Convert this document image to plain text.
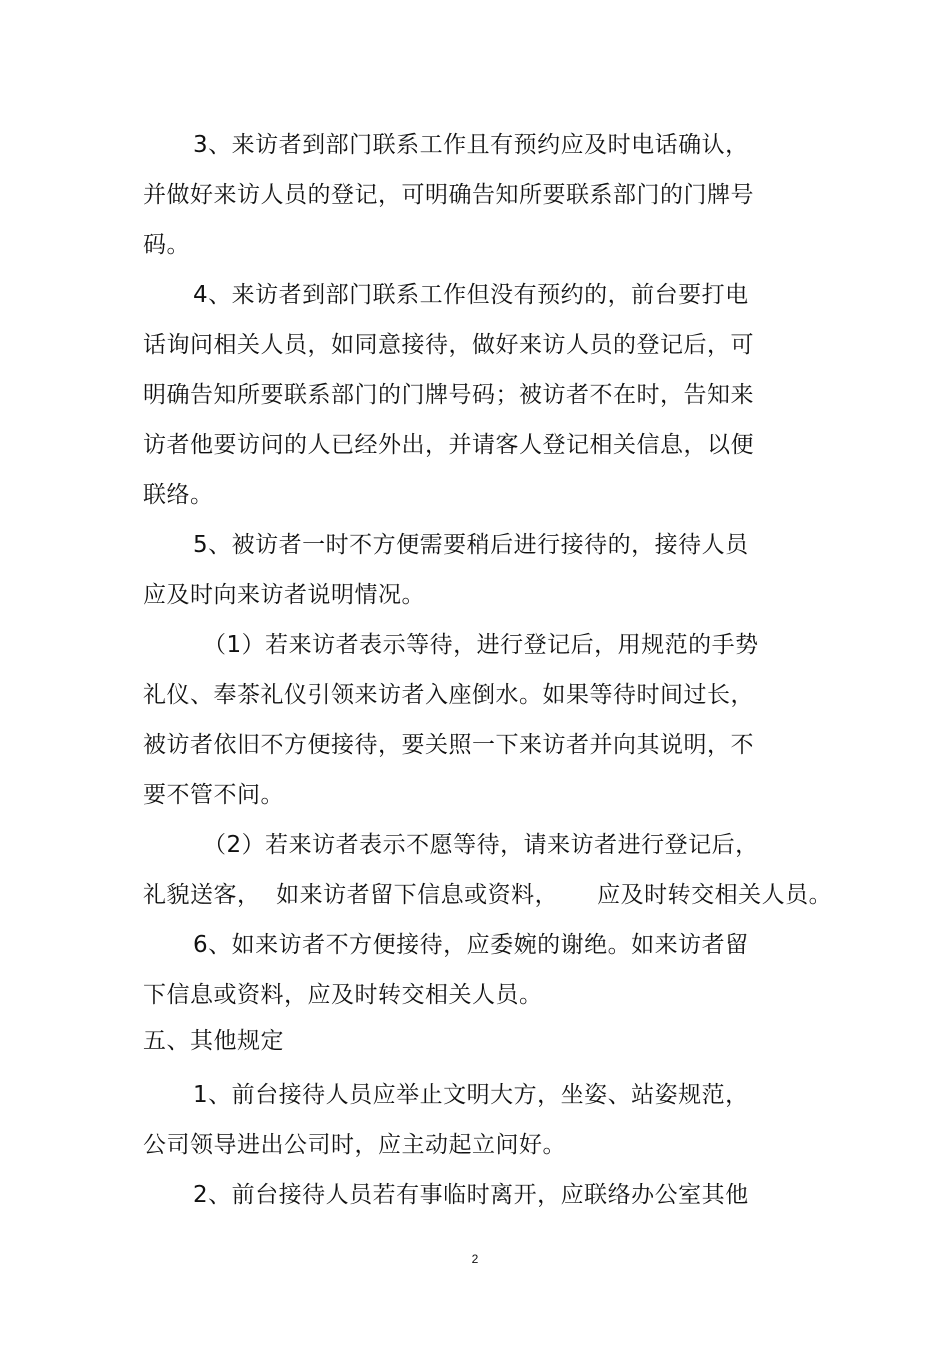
3、来访者到部门联系工作且有预约应及时电话确认，
并做好来访人员的登记，可明确告知所要联系部门的门牌号
码。
4、来访者到部门联系工作但没有预约的，前台要打电
话询问相关人员，如同意接待，做好来访人员的登记后，可
明确告知所要联系部门的门牌号码；被访者不在时，告知来
访者他要访问的人已经外出，并请客人登记相关信息，以便
联络。
5、被访者一时不方便需要稍后进行接待的，接待人员
应及时向来访者说明情况。
（1）若来访者表示等待，进行登记后，用规范的手势
礼仪、奉茶礼仪引领来访者入座倒水。如果等待时间过长，
被访者依旧不方便接待，要关照一下来访者并向其说明，不
要不管不问。
（2）若来访者表示不愿等待，请来访者进行登记后，
礼貌送客，  如来访者留下信息或资料，     应及时转交相关人员。
6、如来访者不方便接待，应委婉的谢绝。如来访者留
下信息或资料，应及时转交相关人员。
五、其他规定
1、前台接待人员应举止文明大方，坐姿、站姿规范，
公司领导进出公司时，应主动起立问好。
2、前台接待人员若有事临时离开，应联络办公室其他
2
